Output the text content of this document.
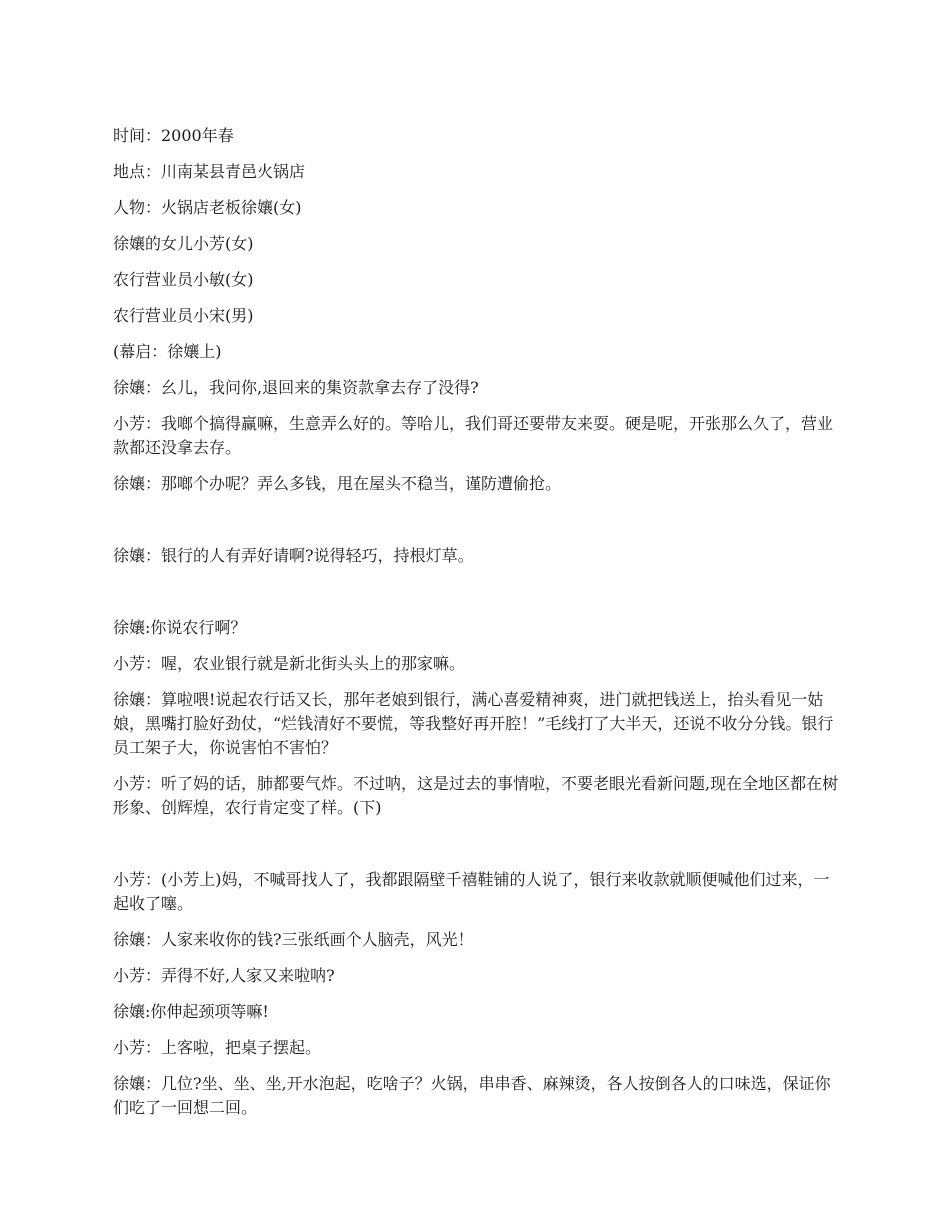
时间：2000年春

地点：川南某县青邑火锅店

人物：火锅店老板徐孃(女)

徐孃的女儿小芳(女)

农行营业员小敏(女)

农行营业员小宋(男)

(幕启：徐孃上)

徐孃：幺儿，我问你,退回来的集资款拿去存了没得?

小芳：我啷个搞得赢嘛，生意弄么好的。等哈儿，我们哥还要带友来耍。硬是呢，开张那么久了，营业款都还没拿去存。

徐孃：那啷个办呢？弄么多钱，甩在屋头不稳当，谨防遭偷抢。

徐孃：银行的人有弄好请啊?说得轻巧，持根灯草。

徐孃:你说农行啊？

小芳：喔，农业银行就是新北街头头上的那家嘛。

徐孃：算啦喂!说起农行话又长，那年老娘到银行，满心喜爱精神爽，进门就把钱送上，抬头看见一姑娘，黑嘴打脸好劲仗，“烂钱清好不要慌，等我整好再开腔！”毛线打了大半天，还说不收分分钱。银行员工架子大，你说害怕不害怕？

小芳：听了妈的话，肺都要气炸。不过呐，这是过去的事情啦，不要老眼光看新问题,现在全地区都在树形象、创辉煌，农行肯定变了样。(下)

小芳：(小芳上)妈，不喊哥找人了，我都跟隔壁千禧鞋铺的人说了，银行来收款就顺便喊他们过来，一起收了噻。

徐孃：人家来收你的钱?三张纸画个人脑壳，风光！

小芳：弄得不好,人家又来啦呐?

徐孃:你伸起颈项等嘛!

小芳：上客啦，把桌子摆起。

徐孃：几位?坐、坐、坐,开水泡起，吃啥子？火锅，串串香、麻辣烫，各人按倒各人的口味选，保证你们吃了一回想二回。
